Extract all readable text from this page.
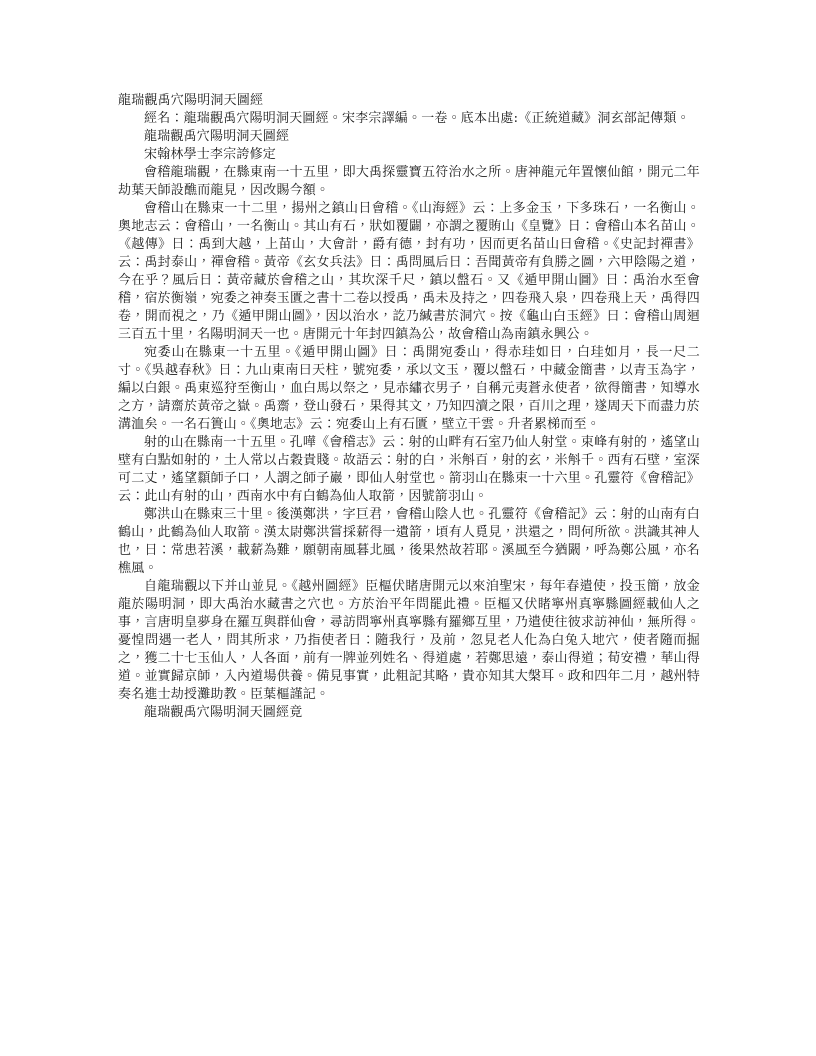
龍瑞觀禹穴陽明洞天圖經

經名：龍瑞觀禹穴陽明洞天圖經。宋李宗譯編。一卷。底本出處:《正統道藏》洞玄部記傳類。

龍瑞觀禹穴陽明洞天圖經

宋翰林學士李宗誇修定

會稽龍瑞觀，在縣東南一十五里，即大禹探靈寶五符治水之所。唐神龍元年置懷仙館，開元二年劫葉天師設醮而龍見，因改賜今額。

會稽山在縣束一十二里，揚州之鎮山日會稽。《山海經》云：上多金玉，下多珠石，一名衡山。奧地志云：會稽山，一名衡山。其山有石，狀如覆闢，亦謂之覆賄山《皇覽》日：會稽山本名苗山。《越傳》日：禹到大越，上苗山，大會計，爵有德，封有功，因而更名苗山曰會稽。《史記封禪書》云：禹封泰山，禪會稽。黃帝《玄女兵法》日：禹問風后日：吾聞黃帝有負勝之圖，六甲陰陽之道，今在乎？風后日：黃帝藏於會稽之山，其坎深千尺，鎮以盤石。又《遁甲開山圖》日：禹治水至會稽，宿於衡嶺，宛委之神奏玉匱之書十二卷以授禹，禹未及持之，四卷飛入泉，四卷飛上天，禹得四卷，開而視之，乃《遁甲開山圖》，因以治水，訖乃緘書於洞穴。按《龜山白玉經》曰：會稽山周迴三百五十里，名陽明洞天一也。唐開元十年封四鎮為公，故會稽山為南鎮永興公。

宛委山在縣東一十五里。《遁甲開山圖》日：禹開宛委山，得赤珪如日，白珪如月，長一尺二寸。《吳越春秋》日：九山東南曰天柱，號宛委，承以文玉，覆以盤石，中藏金簡書，以青玉為字，編以白銀。禹東巡狩至衡山，血白馬以祭之，見赤繡衣男子，自稱元夷蒼永使者，欲得簡書，知導水之方，請齋於黃帝之嶽。禹齋，登山發石，果得其文，乃知四瀆之限，百川之理，遂周天下而盡力於溝洫矣。一名石簣山。《奧地志》云：宛委山上有石匱，壁立干雲。升者累梯而至。

射的山在縣南一十五里。孔嘩《會稽志》云：射的山畔有石室乃仙人射堂。束峰有射的，遙望山壁有白點如射的，土人常以占穀貴賤。故語云：射的白，米斛百，射的玄，米斛千。西有石壁，室深可二丈，遙望纇師子口，人謂之師子巖，即仙人射堂也。箭羽山在縣束一十六里。孔靈符《會稽記》云：此山有射的山，西南水中有白鶴為仙人取箭，因號箭羽山。

鄭洪山在縣束三十里。後漢鄭洪，字巨君，會稽山陰人也。孔靈符《會稽記》云：射的山南有白鶴山，此鶴為仙人取箭。漢太尉鄭洪嘗採薪得一遺箭，頃有人覓見，洪還之，問何所欲。洪識其神人也，日：常患若溪，載薪為難，願朝南風暮北風，後果然故若耶。溪風至今猶闞，呼為鄭公風，亦名樵風。

自龍瑞觀以下并山並見。《越州圖經》臣樞伏睹唐開元以來洎聖宋，每年春遣使，投玉簡，放金龍於陽明洞，即大禹治水藏書之穴也。方於治平年問罷此禮。臣樞又伏睹寧州真寧縣圖經載仙人之事，言唐明皇夢身在羅互與群仙會，尋訪問寧州真寧縣有羅鄉互里，乃遣使往彼求訪神仙，無所得。憂惶問遇一老人，問其所求，乃指使者日：隨我行，及前，忽見老人化為白兔入地穴，使者隨而掘之，獲二十七玉仙人，人各面，前有一牌並列姓名、得道處，若鄭思遠，泰山得道；荀安禮，華山得道。並實歸京師，入內道場供養。備見事實，此粗記其略，貴亦知其大槃耳。政和四年二月，越州特奏名進士劫授灘助教。臣葉樞謹記。

龍瑞觀禹穴陽明洞天圖經竟
